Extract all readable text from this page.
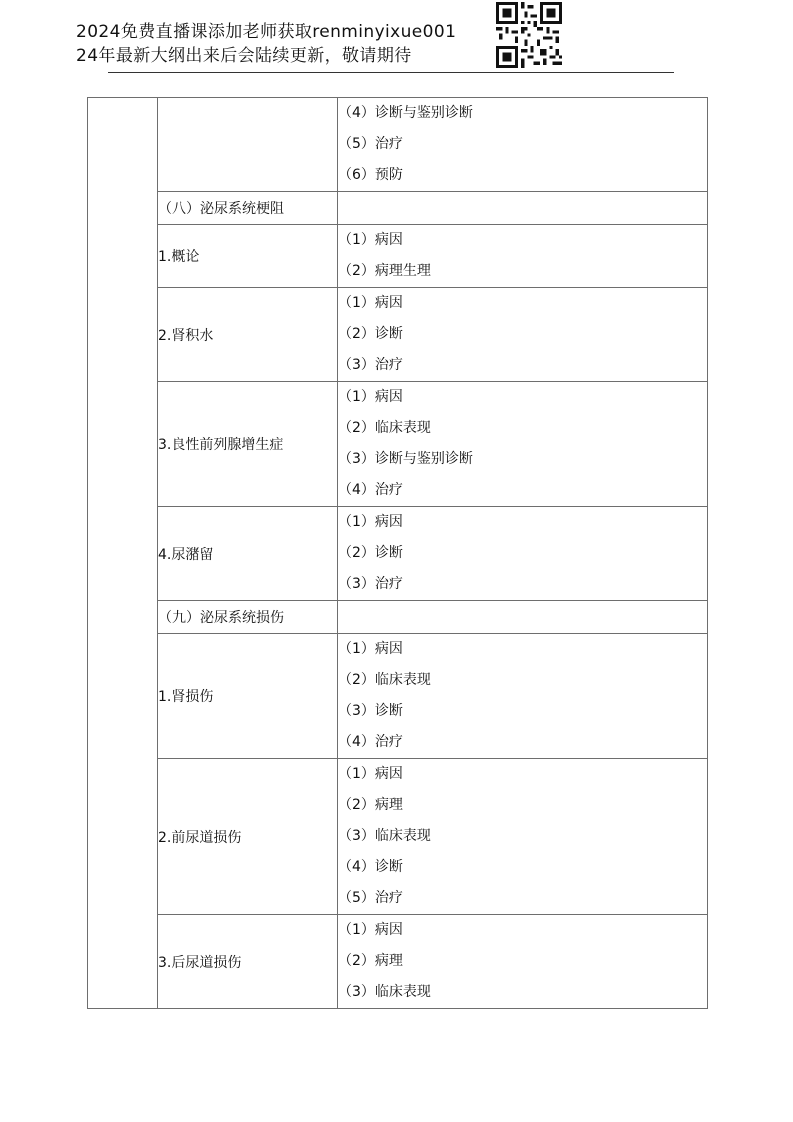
2024免费直播课添加老师获取renminyixue001
24年最新大纲出来后会陆续更新，敬请期待

		（4）诊断与鉴别诊断
（5）治疗
（6）预防

	（八）泌尿系统梗阻	
	1.概论	（1）病因
（2）病理生理

	2.肾积水	（1）病因
（2）诊断
（3）治疗

	3.良性前列腺增生症	（1）病因
（2）临床表现
（3）诊断与鉴别诊断
（4）治疗

	4.尿潴留	（1）病因
（2）诊断
（3）治疗

	（九）泌尿系统损伤	
	1.肾损伤	（1）病因
（2）临床表现
（3）诊断
（4）治疗

	2.前尿道损伤	（1）病因
（2）病理
（3）临床表现
（4）诊断
（5）治疗

	3.后尿道损伤	（1）病因
（2）病理
（3）临床表现
